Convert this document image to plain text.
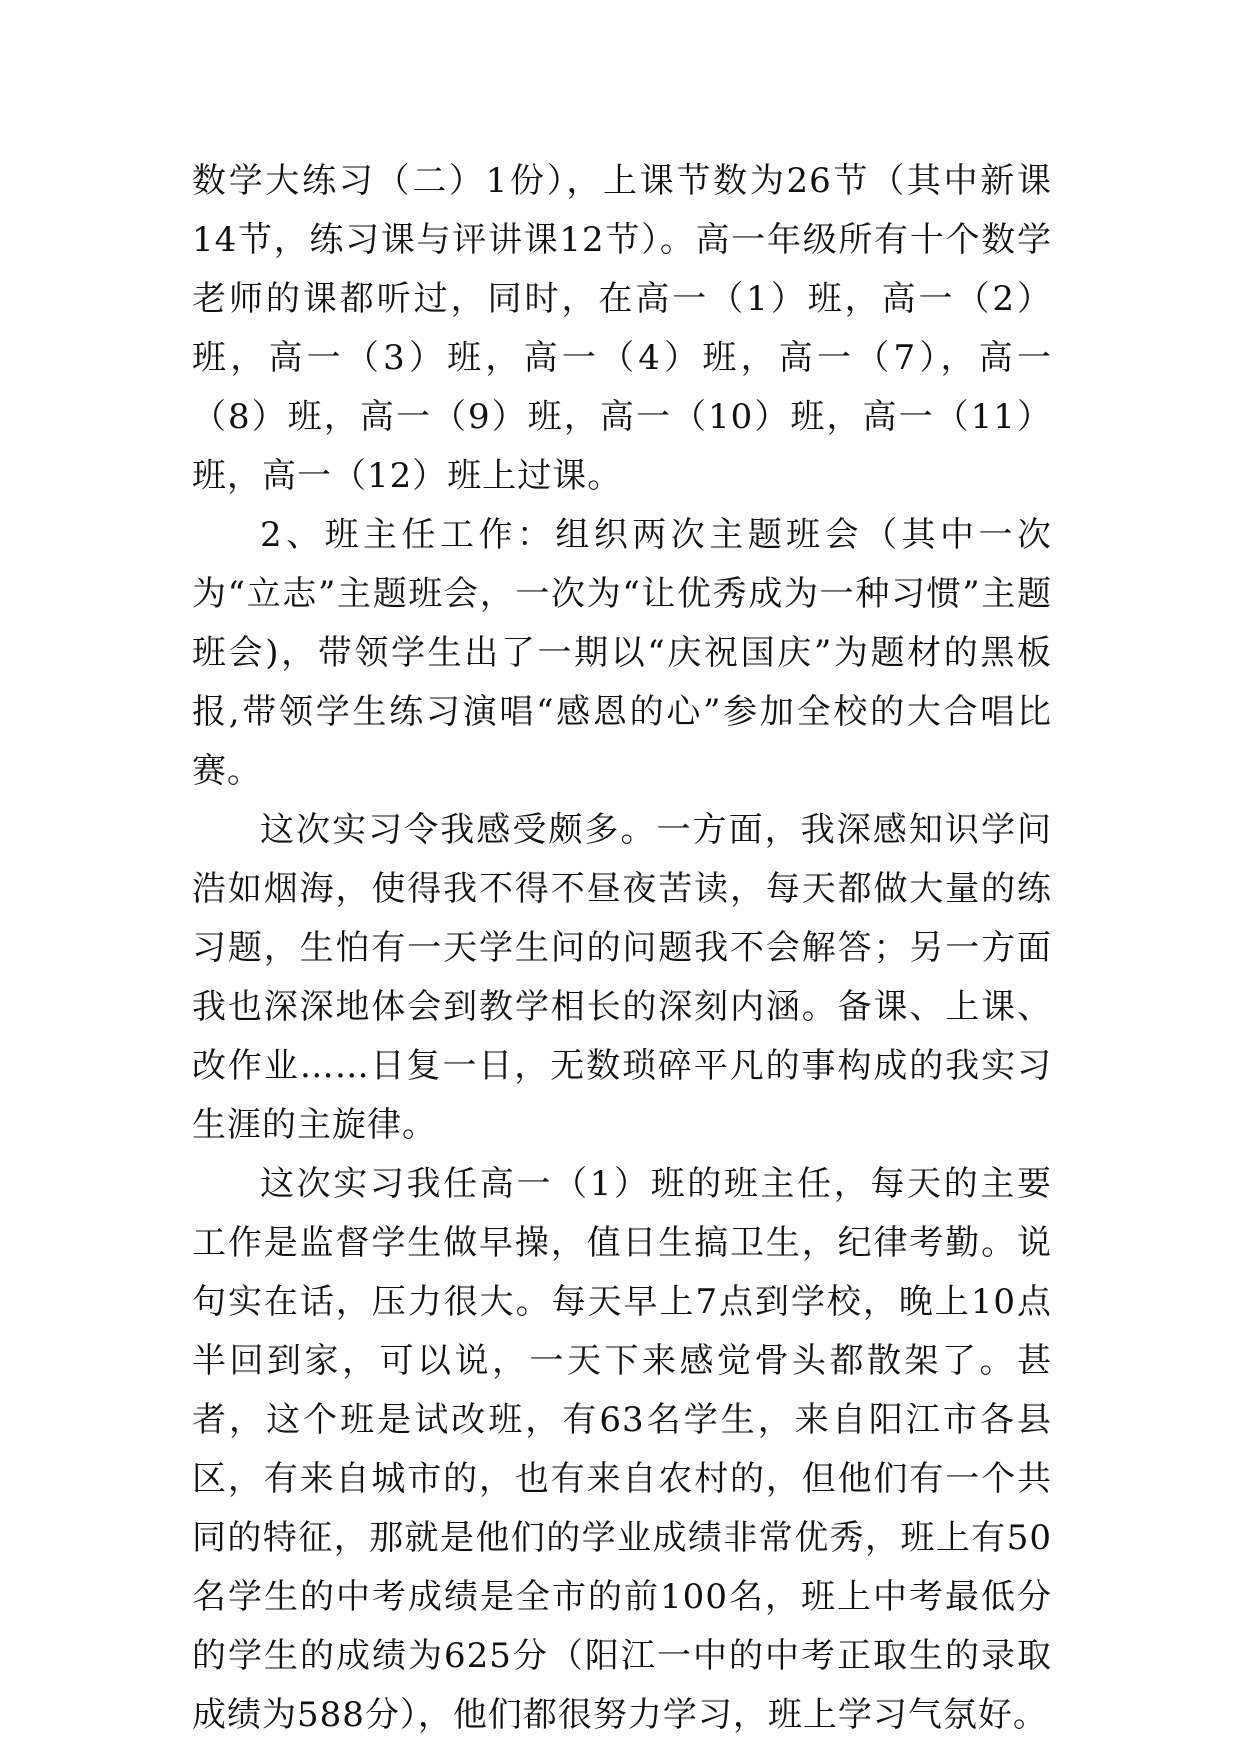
数学大练习（二）1份），上课节数为26节（其中新课14节，练习课与评讲课12节）。高一年级所有十个数学老师的课都听过，同时，在高一（1）班，高一（2）班，高一（3）班，高一（4）班，高一（7），高一（8）班，高一（9）班，高一（10）班，高一（11）班，高一（12）班上过课。

2、班主任工作：组织两次主题班会（其中一次为“立志”主题班会，一次为“让优秀成为一种习惯”主题班会)，带领学生出了一期以“庆祝国庆”为题材的黑板报,带领学生练习演唱“感恩的心”参加全校的大合唱比赛。

这次实习令我感受颇多。一方面，我深感知识学问浩如烟海，使得我不得不昼夜苦读，每天都做大量的练习题，生怕有一天学生问的问题我不会解答；另一方面我也深深地体会到教学相长的深刻内涵。备课、上课、改作业……日复一日，无数琐碎平凡的事构成的我实习生涯的主旋律。

这次实习我任高一（1）班的班主任，每天的主要工作是监督学生做早操，值日生搞卫生，纪律考勤。说句实在话，压力很大。每天早上7点到学校，晚上10点半回到家，可以说，一天下来感觉骨头都散架了。甚者，这个班是试改班，有63名学生，来自阳江市各县区，有来自城市的，也有来自农村的，但他们有一个共同的特征，那就是他们的学业成绩非常优秀，班上有50名学生的中考成绩是全市的前100名，班上中考最低分的学生的成绩为625分（阳江一中的中考正取生的录取成绩为588分），他们都很努力学习，班上学习气氛好。
